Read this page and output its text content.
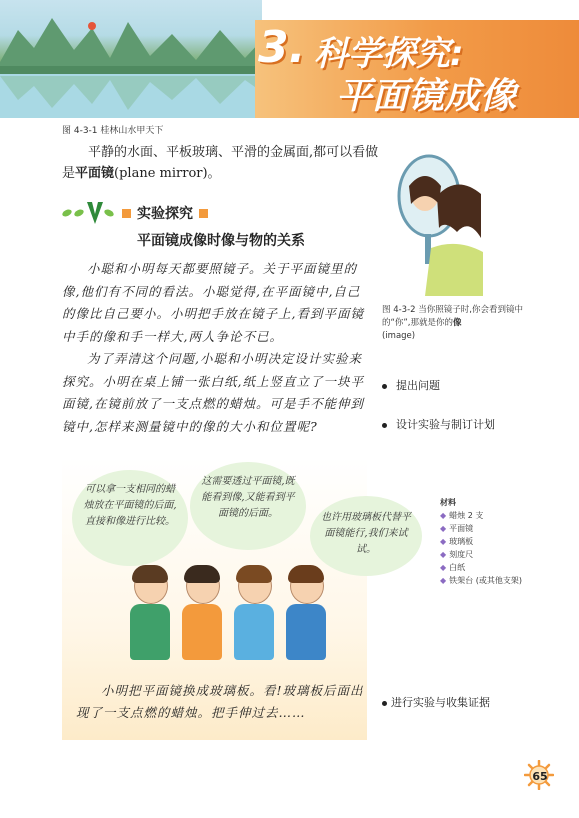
3. 科学探究:
平面镜成像
图 4-3-1 桂林山水甲天下

平静的水面、平板玻璃、平滑的金属面,都可以看做是平面镜(plane mirror)。

实验探究
平面镜成像时像与物的关系

小聪和小明每天都要照镜子。关于平面镜里的像,他们有不同的看法。小聪觉得,在平面镜中,自己的像比自己要小。小明把手放在镜子上,看到平面镜中手的像和手一样大,两人争论不已。

为了弄清这个问题,小聪和小明决定设计实验来探究。小明在桌上铺一张白纸,纸上竖直立了一块平面镜,在镜前放了一支点燃的蜡烛。可是手不能伸到镜中,怎样来测量镜中的像的大小和位置呢?

可以拿一支相同的蜡烛放在平面镜的后面,直接和像进行比较。
这需要透过平面镜,既能看到像,又能看到平面镜的后面。	也许用玻璃板代替平面镜能行,我们来试试。

小明把平面镜换成玻璃板。看!玻璃板后面出现了一支点燃的蜡烛。把手伸过去……

图 4-3-2 当你照镜子时,你会看到镜中的“你”,那就是你的像
(image)
提出问题
设计实验与制订计划
进行实验与收集证据
材料
◆ 蜡烛 2 支
◆ 平面镜
◆ 玻璃板
◆ 刻度尺
◆ 白纸
◆ 铁架台 (或其他支架)
65
